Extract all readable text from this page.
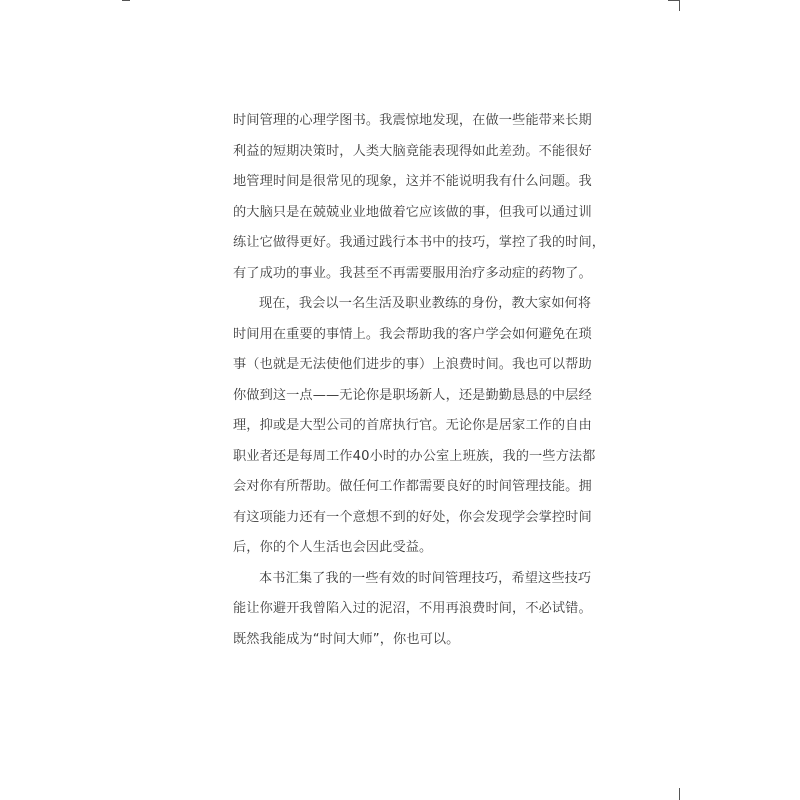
时间管理的心理学图书。我震惊地发现，在做一些能带来长期
利益的短期决策时，人类大脑竟能表现得如此差劲。不能很好
地管理时间是很常见的现象，这并不能说明我有什么问题。我
的大脑只是在兢兢业业地做着它应该做的事，但我可以通过训
练让它做得更好。我通过践行本书中的技巧，掌控了我的时间，
有了成功的事业。我甚至不再需要服用治疗多动症的药物了。
现在，我会以一名生活及职业教练的身份，教大家如何将
时间用在重要的事情上。我会帮助我的客户学会如何避免在琐
事（也就是无法使他们进步的事）上浪费时间。我也可以帮助
你做到这一点——无论你是职场新人，还是勤勤恳恳的中层经
理，抑或是大型公司的首席执行官。无论你是居家工作的自由
职业者还是每周工作40小时的办公室上班族，我的一些方法都
会对你有所帮助。做任何工作都需要良好的时间管理技能。拥
有这项能力还有一个意想不到的好处，你会发现学会掌控时间
后，你的个人生活也会因此受益。
本书汇集了我的一些有效的时间管理技巧，希望这些技巧
能让你避开我曾陷入过的泥沼，不用再浪费时间，不必试错。
既然我能成为“时间大师”，你也可以。
